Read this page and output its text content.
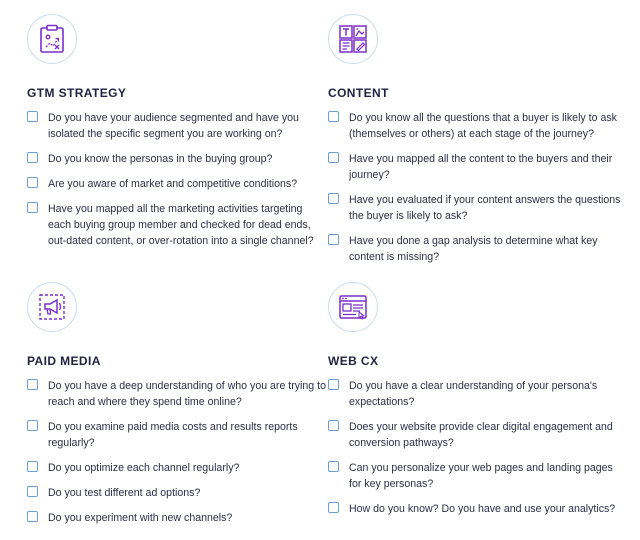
GTM STRATEGY
Do you have your audience segmented and have you isolated the specific segment you are working on?
Do you know the personas in the buying group?
Are you aware of market and competitive conditions?
Have you mapped all the marketing activities targeting each buying group member and checked for dead ends, out-dated content, or over-rotation into a single channel?
CONTENT
Do you know all the questions that a buyer is likely to ask (themselves or others) at each stage of the journey?
Have you mapped all the content to the buyers and their journey?
Have you evaluated if your content answers the questions the buyer is likely to ask?
Have you done a gap analysis to determine what key content is missing?
PAID MEDIA
Do you have a deep understanding of who you are trying to reach and where they spend time online?
Do you examine paid media costs and results reports regularly?
Do you optimize each channel regularly?
Do you test different ad options?
Do you experiment with new channels?
WEB CX
Do you have a clear understanding of your persona's expectations?
Does your website provide clear digital engagement and conversion pathways?
Can you personalize your web pages and landing pages for key personas?
How do you know? Do you have and use your analytics?
